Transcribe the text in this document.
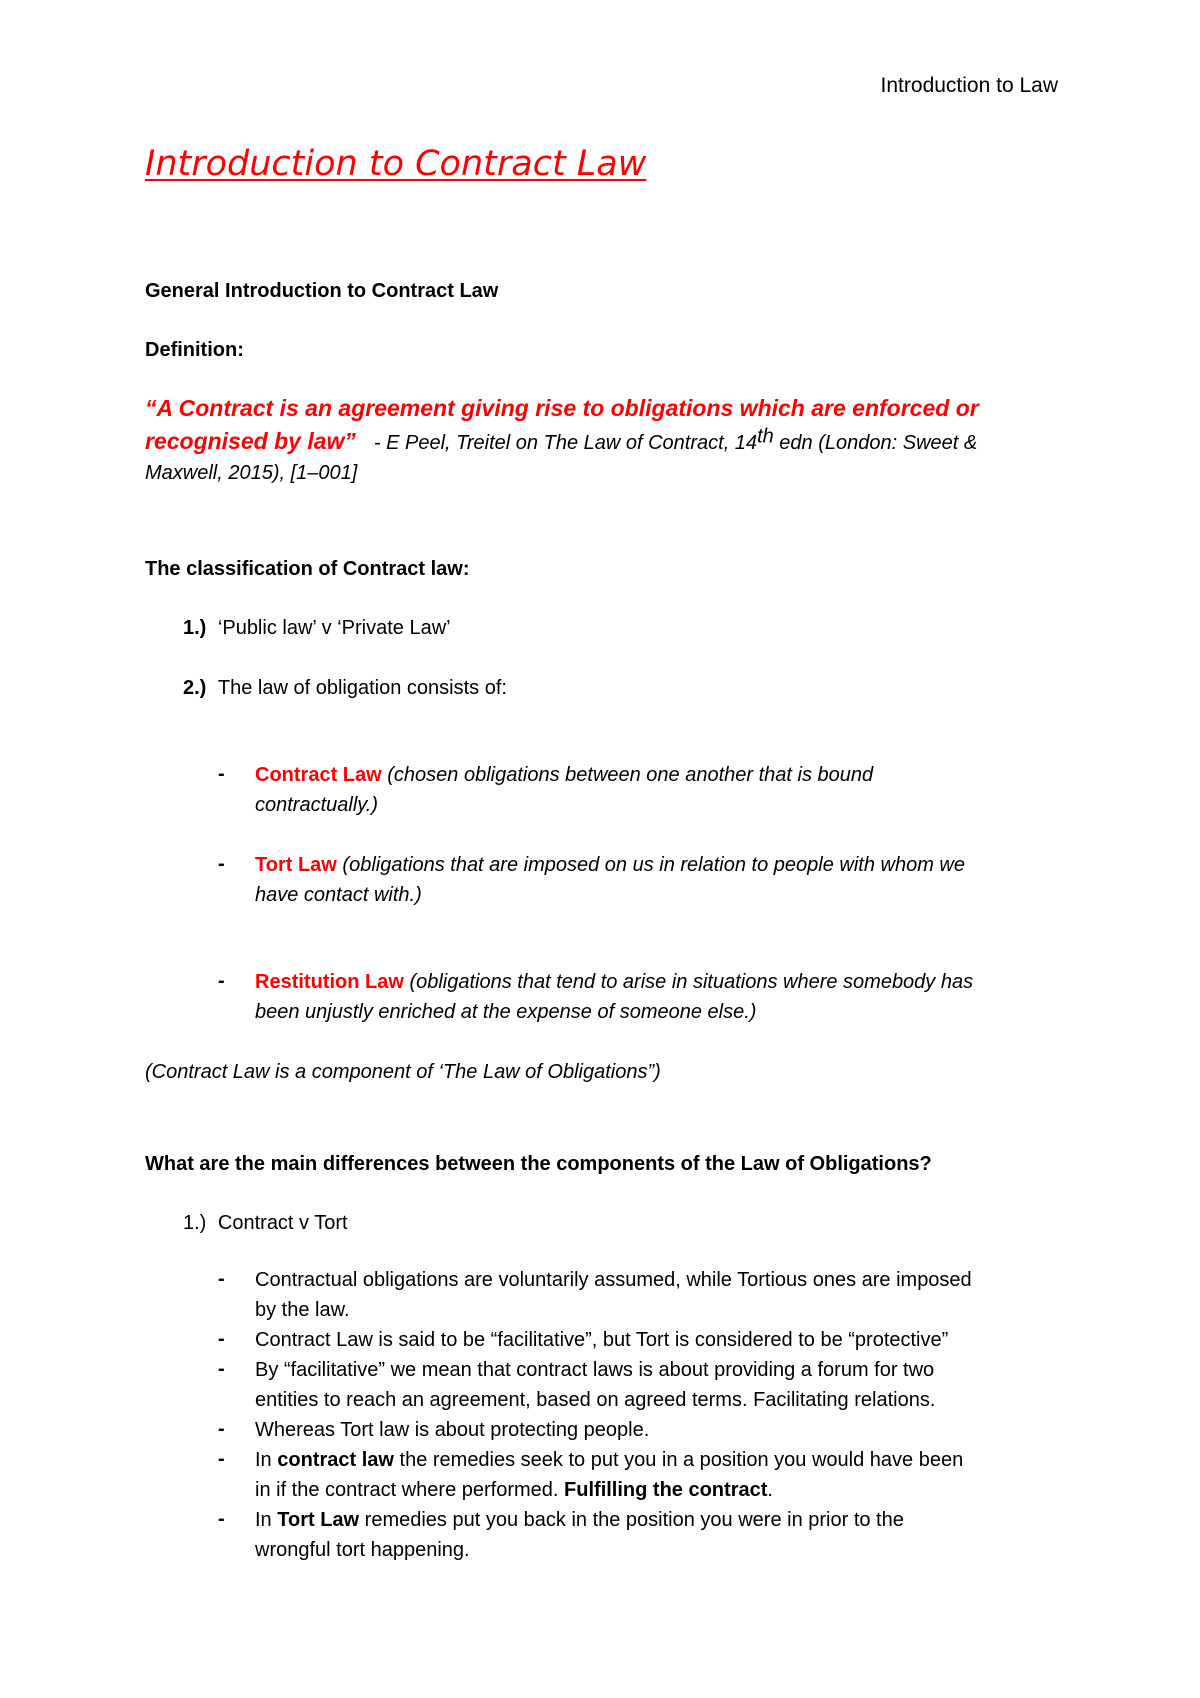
Introduction to Law
Introduction to Contract Law
General Introduction to Contract Law
Definition:
“A Contract is an agreement giving rise to obligations which are enforced or
recognised by law” - E Peel, Treitel on The Law of Contract, 14th edn (London: Sweet &
Maxwell, 2015), [1–001]
The classification of Contract law:
1.) ‘Public law’ v ‘Private Law’
2.) The law of obligation consists of:
- Contract Law (chosen obligations between one another that is bound
contractually.)
- Tort Law (obligations that are imposed on us in relation to people with whom we
have contact with.)
- Restitution Law (obligations that tend to arise in situations where somebody has
been unjustly enriched at the expense of someone else.)
(Contract Law is a component of ‘The Law of Obligations”)
What are the main differences between the components of the Law of Obligations?
1.) Contract v Tort
- Contractual obligations are voluntarily assumed, while Tortious ones are imposed
by the law.
- Contract Law is said to be “facilitative”, but Tort is considered to be “protective”
- By “facilitative” we mean that contract laws is about providing a forum for two
entities to reach an agreement, based on agreed terms. Facilitating relations.
- Whereas Tort law is about protecting people.
- In contract law the remedies seek to put you in a position you would have been
in if the contract where performed. Fulfilling the contract.
- In Tort Law remedies put you back in the position you were in prior to the
wrongful tort happening.
